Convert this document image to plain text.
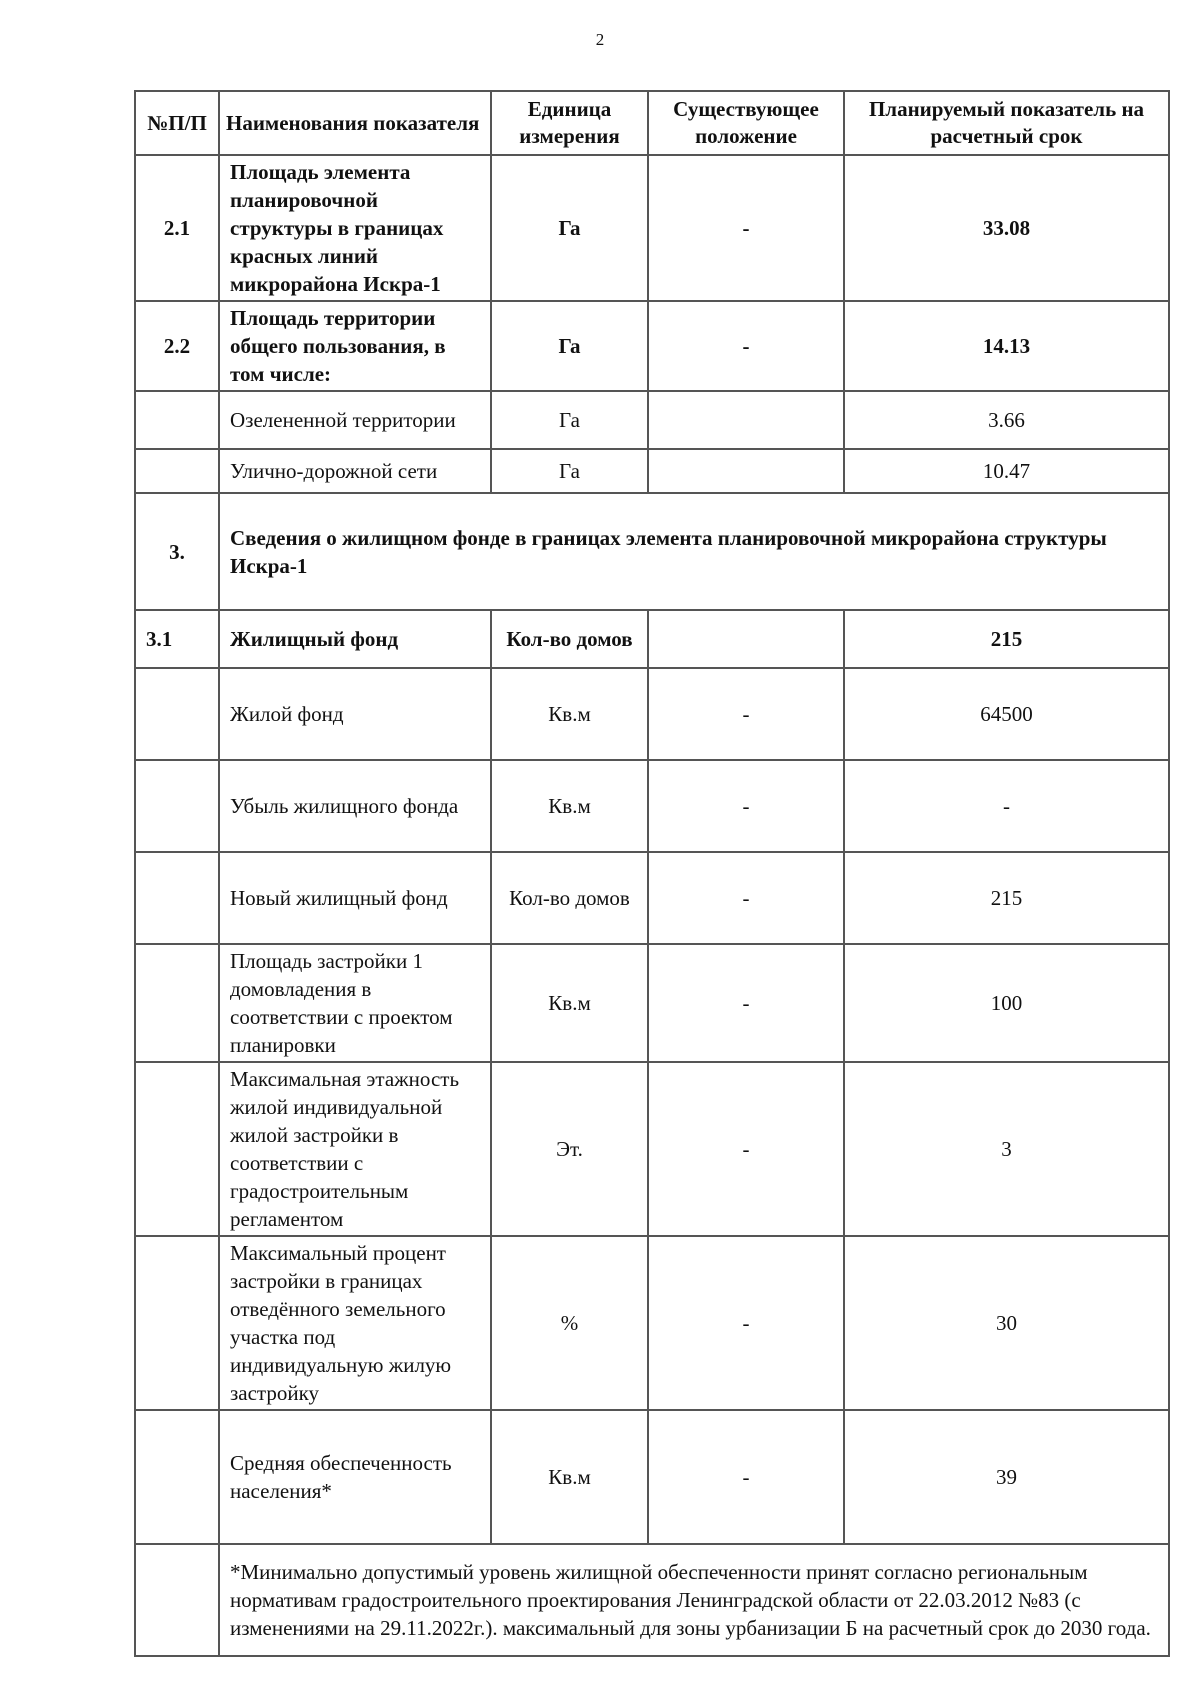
2
№П/П	Наименования показателя	Единица измерения	Существующее положение	Планируемый показатель на расчетный срок
2.1	Площадь элемента планировочной структуры в границах красных линий микрорайона Искра-1	Га	-	33.08
2.2	Площадь территории общего пользования, в том числе:	Га	-	14.13
	Озелененной территории	Га		3.66
	Улично-дорожной сети	Га		10.47
3.	Сведения о жилищном фонде в границах элемента планировочной микрорайона структуры Искра-1			
3.1	Жилищный фонд	Кол-во домов		215
	Жилой фонд	Кв.м	-	64500
	Убыль жилищного фонда	Кв.м	-	-
	Новый жилищный фонд	Кол-во домов	-	215
	Площадь застройки 1 домовладения в соответствии с проектом планировки	Кв.м	-	100
	Максимальная этажность жилой индивидуальной жилой застройки в соответствии с градостроительным регламентом	Эт.	-	3
	Максимальный процент застройки в границах отведённого земельного участка под индивидуальную жилую застройку	%	-	30
	Средняя обеспеченность населения*	Кв.м	-	39
	*Минимально допустимый уровень жилищной обеспеченности принят согласно региональным нормативам градостроительного проектирования Ленинградской области от 22.03.2012 №83 (с изменениями на 29.11.2022г.). максимальный для зоны урбанизации Б на расчетный срок до 2030 года.			
